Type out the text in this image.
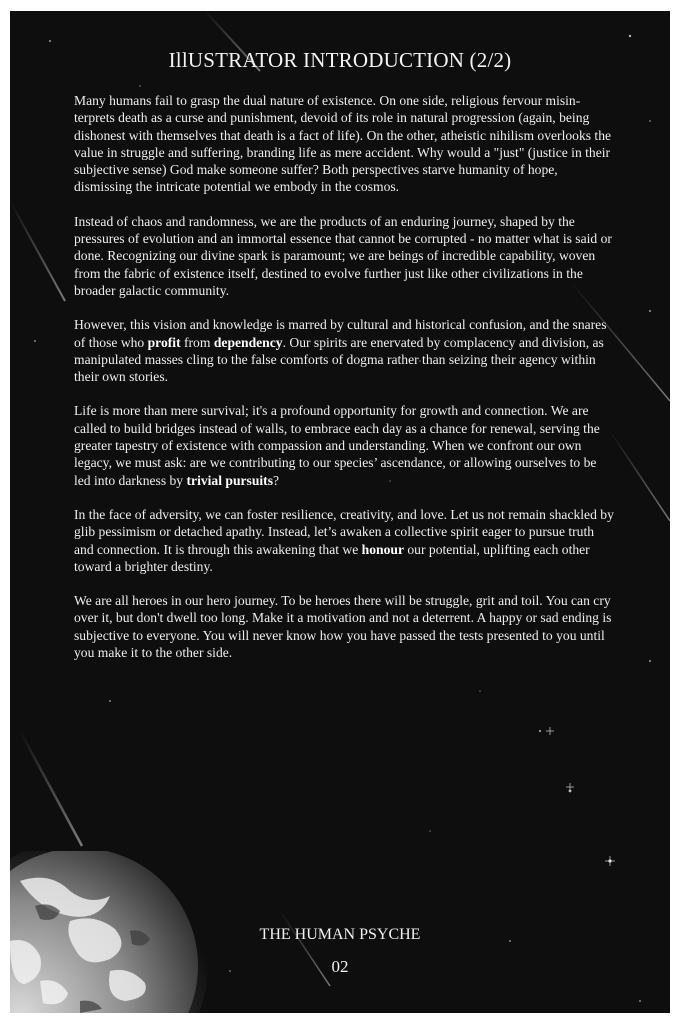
IllUSTRATOR INTRODUCTION (2/2)

Many humans fail to grasp the dual nature of existence. On one side, religious fervour misin-terprets death as a curse and punishment, devoid of its role in natural progression (again, being dishonest with themselves that death is a fact of life). On the other, atheistic nihilism overlooks the value in struggle and suffering, branding life as mere accident. Why would a "just" (justice in their subjective sense) God make someone suffer? Both perspectives starve humanity of hope, dismissing the intricate potential we embody in the cosmos.

Instead of chaos and randomness, we are the products of an enduring journey, shaped by the pressures of evolution and an immortal essence that cannot be corrupted - no matter what is said or done. Recognizing our divine spark is paramount; we are beings of incredible capability, woven from the fabric of existence itself, destined to evolve further just like other civilizations in the broader galactic community.

However, this vision and knowledge is marred by cultural and historical confusion, and the snares of those who profit from dependency. Our spirits are enervated by complacency and division, as manipulated masses cling to the false comforts of dogma rather than seizing their agency within their own stories.

Life is more than mere survival; it's a profound opportunity for growth and connection. We are called to build bridges instead of walls, to embrace each day as a chance for renewal, serving the greater tapestry of existence with compassion and understanding. When we confront our own legacy, we must ask: are we contributing to our species’ ascendance, or allowing ourselves to be led into darkness by trivial pursuits?

In the face of adversity, we can foster resilience, creativity, and love. Let us not remain shackled by glib pessimism or detached apathy. Instead, let’s awaken a collective spirit eager to pursue truth and connection. It is through this awakening that we honour our potential, uplifting each other toward a brighter destiny.

We are all heroes in our hero journey. To be heroes there will be struggle, grit and toil. You can cry over it, but don't dwell too long. Make it a motivation and not a deterrent. A happy or sad ending is subjective to everyone. You will never know how you have passed the tests presented to you until you make it to the other side.

THE HUMAN PSYCHE
02
